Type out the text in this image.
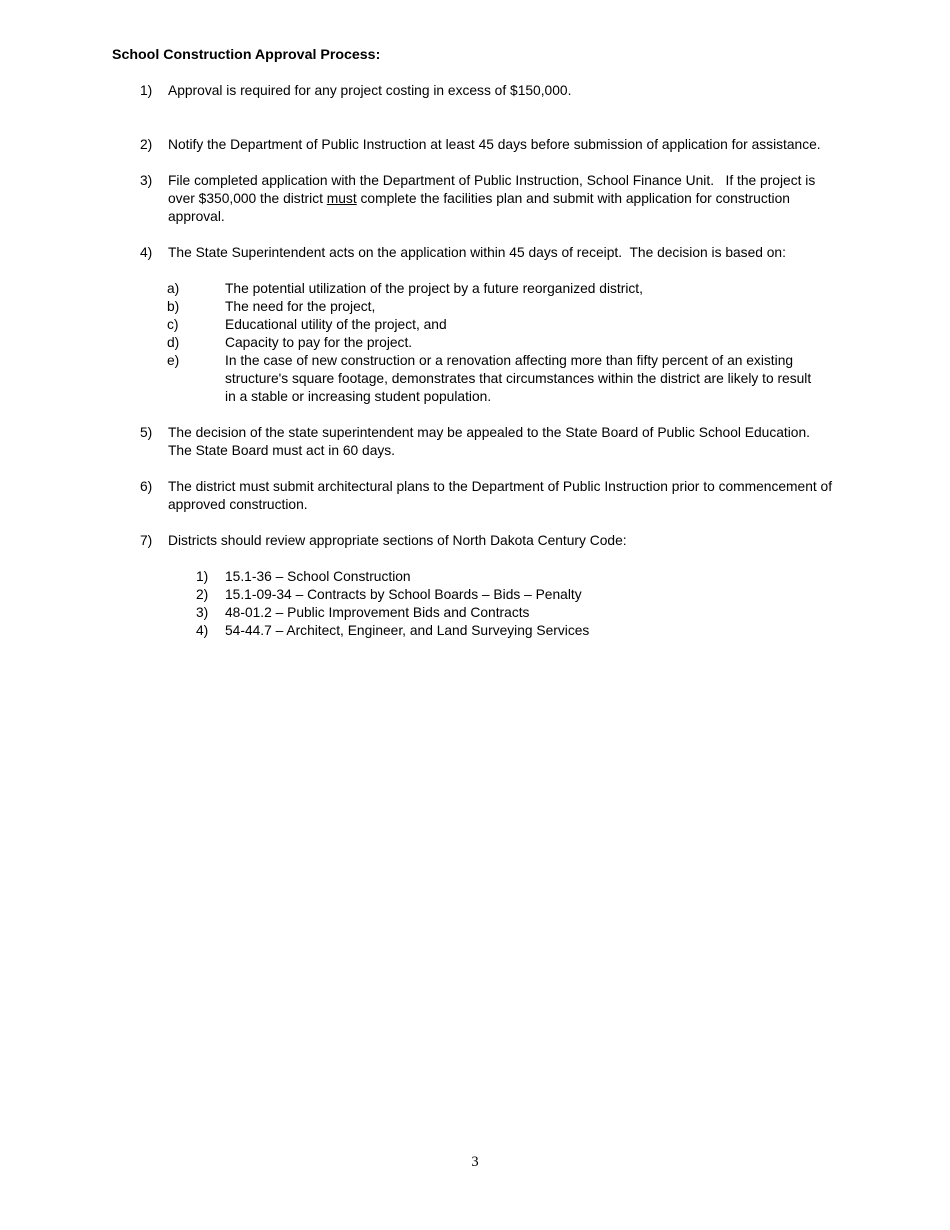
School Construction Approval Process:
1)	Approval is required for any project costing in excess of $150,000.
2)	Notify the Department of Public Instruction at least 45 days before submission of application for assistance.
3)	File completed application with the Department of Public Instruction, School Finance Unit.   If the project is over $350,000 the district must complete the facilities plan and submit with application for construction approval.
4)	The State Superintendent acts on the application within 45 days of receipt.  The decision is based on:
a)	The potential utilization of the project by a future reorganized district,
b)	The need for the project,
c)	Educational utility of the project, and
d)	Capacity to pay for the project.
e)	In the case of new construction or a renovation affecting more than fifty percent of an existing structure's square footage, demonstrates that circumstances within the district are likely to result in a stable or increasing student population.
5)	The decision of the state superintendent may be appealed to the State Board of Public School Education.  The State Board must act in 60 days.
6)	The district must submit architectural plans to the Department of Public Instruction prior to commencement of approved construction.
7)	Districts should review appropriate sections of North Dakota Century Code:
1)	15.1-36 – School Construction
2)	15.1-09-34 – Contracts by School Boards – Bids – Penalty
3)	48-01.2 – Public Improvement Bids and Contracts
4)	54-44.7 – Architect, Engineer, and Land Surveying Services
3
